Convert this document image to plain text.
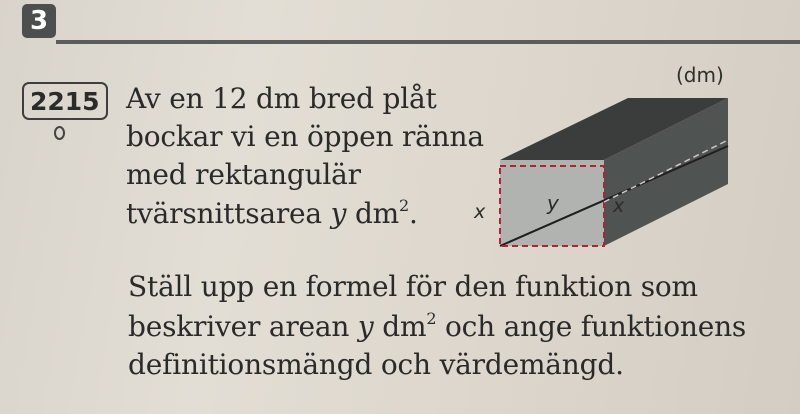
3
2215 Av en 12 dm bred plåt
bockar vi en öppen ränna
med rektangulär
tvärsnittsarea y $dm^2$.
Ställ upp en formel för den funktion som
beskriver arean y $dm^2$ och ange funktionens
definitionsmängd och värdemängd.
(dm)
x	y	x
